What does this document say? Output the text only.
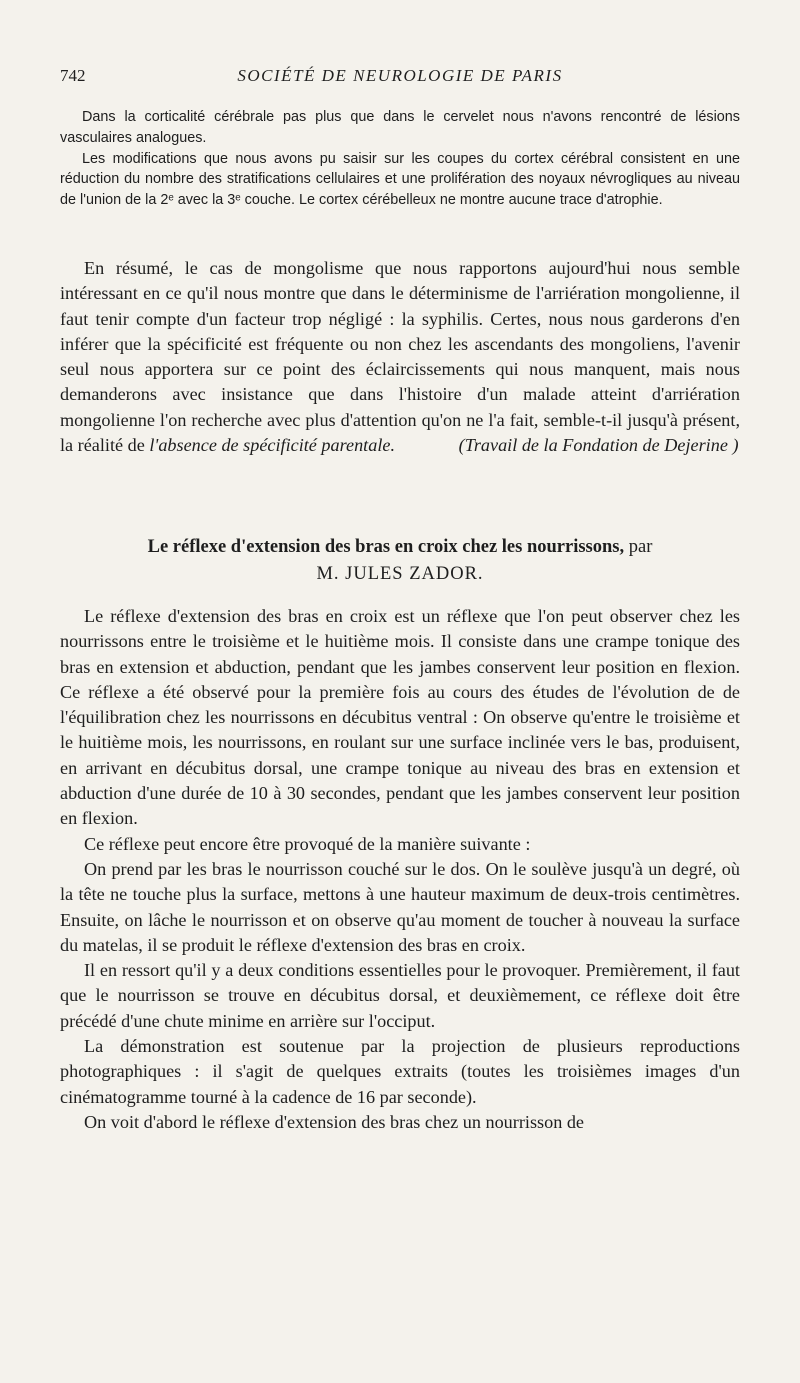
742	SOCIÉTÉ DE NEUROLOGIE DE PARIS

Dans la corticalité cérébrale pas plus que dans le cervelet nous n'avons rencontré de lésions vasculaires analogues.

Les modifications que nous avons pu saisir sur les coupes du cortex cérébral consistent en une réduction du nombre des stratifications cellulaires et une prolifération des noyaux névrogliques au niveau de l'union de la 2ᵉ avec la 3ᵉ couche. Le cortex cérébelleux ne montre aucune trace d'atrophie.

En résumé, le cas de mongolisme que nous rapportons aujourd'hui nous semble intéressant en ce qu'il nous montre que dans le déterminisme de l'arriération mongolienne, il faut tenir compte d'un facteur trop négligé : la syphilis. Certes, nous nous garderons d'en inférer que la spécificité est fréquente ou non chez les ascendants des mongoliens, l'avenir seul nous apportera sur ce point des éclaircissements qui nous manquent, mais nous demanderons avec insistance que dans l'histoire d'un malade atteint d'arriération mongolienne l'on recherche avec plus d'attention qu'on ne l'a fait, semble-t-il jusqu'à présent, la réalité de l'absence de spécificité parentale.	(Travail de la Fondation de Dejerine )

Le réflexe d'extension des bras en croix chez les nourrissons, par
M. JULES ZADOR.

Le réflexe d'extension des bras en croix est un réflexe que l'on peut observer chez les nourrissons entre le troisième et le huitième mois. Il consiste dans une crampe tonique des bras en extension et abduction, pendant que les jambes conservent leur position en flexion. Ce réflexe a été observé pour la première fois au cours des études de l'évolution de de l'équilibration chez les nourrissons en décubitus ventral : On observe qu'entre le troisième et le huitième mois, les nourrissons, en roulant sur une surface inclinée vers le bas, produisent, en arrivant en décubitus dorsal, une crampe tonique au niveau des bras en extension et abduction d'une durée de 10 à 30 secondes, pendant que les jambes conservent leur position en flexion.

Ce réflexe peut encore être provoqué de la manière suivante :

On prend par les bras le nourrisson couché sur le dos. On le soulève jusqu'à un degré, où la tête ne touche plus la surface, mettons à une hauteur maximum de deux-trois centimètres. Ensuite, on lâche le nourrisson et on observe qu'au moment de toucher à nouveau la surface du matelas, il se produit le réflexe d'extension des bras en croix.

Il en ressort qu'il y a deux conditions essentielles pour le provoquer. Premièrement, il faut que le nourrisson se trouve en décubitus dorsal, et deuxièmement, ce réflexe doit être précédé d'une chute minime en arrière sur l'occiput.

La démonstration est soutenue par la projection de plusieurs reproductions photographiques : il s'agit de quelques extraits (toutes les troisièmes images d'un cinématogramme tourné à la cadence de 16 par seconde).

On voit d'abord le réflexe d'extension des bras chez un nourrisson de
